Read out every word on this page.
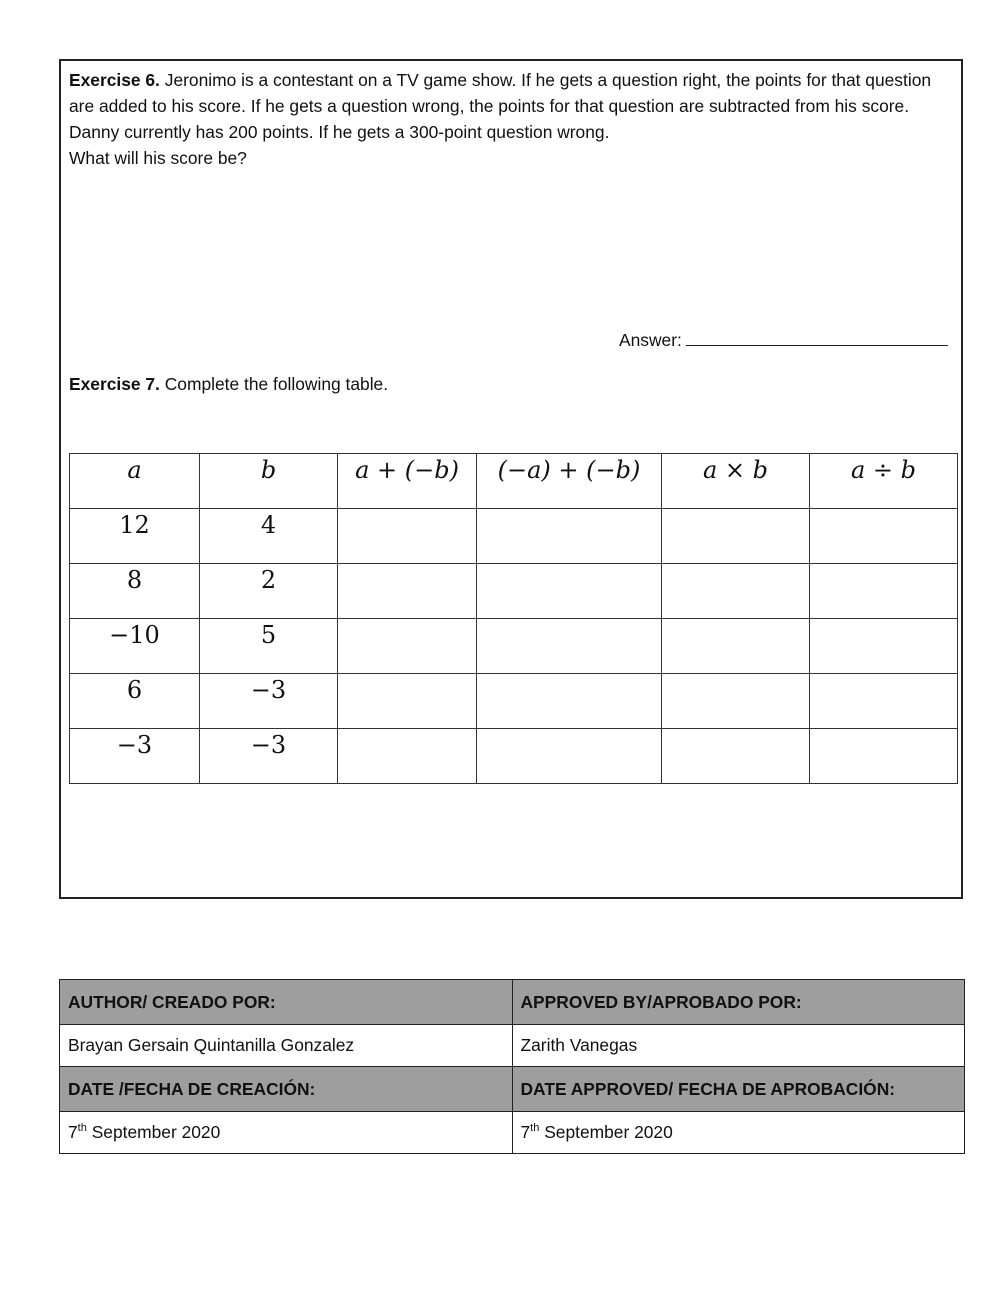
Exercise 6. Jeronimo is a contestant on a TV game show. If he gets a question right, the points for that question are added to his score. If he gets a question wrong, the points for that question are subtracted from his score. Danny currently has 200 points. If he gets a 300-point question wrong.
What will his score be?
Answer:
Exercise 7. Complete the following table.
a	b	a + (−b)	(−a) + (−b)	a × b	a ÷ b
12	4				
8	2				
−10	5				
6	−3				
−3	−3				
AUTHOR/ CREADO POR:	APPROVED BY/APROBADO POR:
Brayan Gersain Quintanilla Gonzalez	Zarith Vanegas
DATE /FECHA DE CREACIÓN:	DATE APPROVED/ FECHA DE APROBACIÓN:
7th September 2020	7th September 2020
